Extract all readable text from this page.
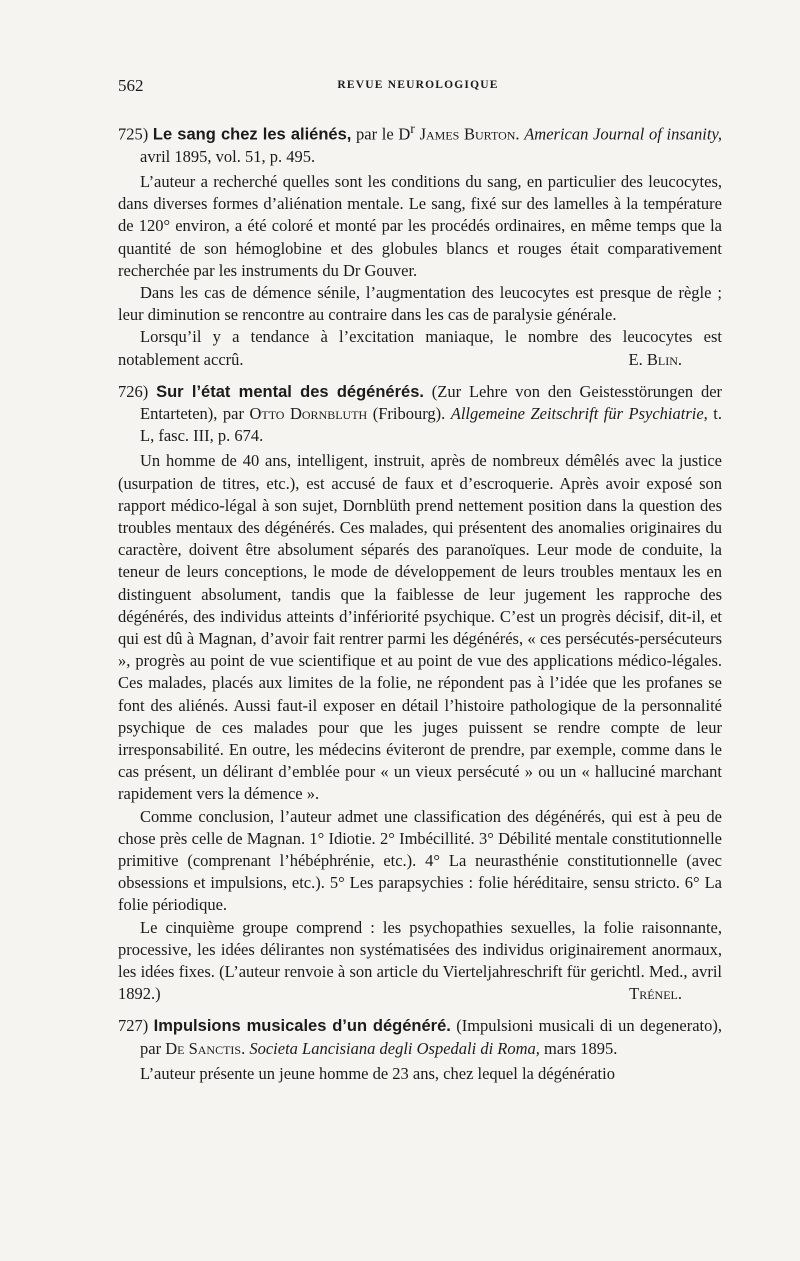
562	REVUE NEUROLOGIQUE

725) Le sang chez les aliénés, par le $D^r$ James Burton. American Journal of insanity, avril 1895, vol. 51, p. 495.

L’auteur a recherché quelles sont les conditions du sang, en particulier des leucocytes, dans diverses formes d’aliénation mentale. Le sang, fixé sur des lamelles à la température de 120° environ, a été coloré et monté par les procédés ordinaires, en même temps que la quantité de son hémoglobine et des globules blancs et rouges était comparativement recherchée par les instruments du Dr Gouver.

Dans les cas de démence sénile, l’augmentation des leucocytes est presque de règle ; leur diminution se rencontre au contraire dans les cas de paralysie générale.

Lorsqu’il y a tendance à l’excitation maniaque, le nombre des leucocytes est notablement accrû.	E. Blin.

726) Sur l’état mental des dégénérés. (Zur Lehre von den Geistesstörungen der Entarteten), par Otto Dornbluth (Fribourg). Allgemeine Zeitschrift für Psychiatrie, t. L, fasc. III, p. 674.

Un homme de 40 ans, intelligent, instruit, après de nombreux démêlés avec la justice (usurpation de titres, etc.), est accusé de faux et d’escroquerie. Après avoir exposé son rapport médico-légal à son sujet, Dornblüth prend nettement position dans la question des troubles mentaux des dégénérés. Ces malades, qui présentent des anomalies originaires du caractère, doivent être absolument séparés des paranoïques. Leur mode de conduite, la teneur de leurs conceptions, le mode de développement de leurs troubles mentaux les en distinguent absolument, tandis que la faiblesse de leur jugement les rapproche des dégénérés, des individus atteints d’infériorité psychique. C’est un progrès décisif, dit-il, et qui est dû à Magnan, d’avoir fait rentrer parmi les dégénérés, « ces persécutés-persécuteurs », progrès au point de vue scientifique et au point de vue des applications médico-légales. Ces malades, placés aux limites de la folie, ne répondent pas à l’idée que les profanes se font des aliénés. Aussi faut-il exposer en détail l’histoire pathologique de la personnalité psychique de ces malades pour que les juges puissent se rendre compte de leur irresponsabilité. En outre, les médecins éviteront de prendre, par exemple, comme dans le cas présent, un délirant d’emblée pour « un vieux persécuté » ou un « halluciné marchant rapidement vers la démence ».

Comme conclusion, l’auteur admet une classification des dégénérés, qui est à peu de chose près celle de Magnan. 1° Idiotie. 2° Imbécillité. 3° Débilité mentale constitutionnelle primitive (comprenant l’hébéphrénie, etc.). 4° La neurasthénie constitutionnelle (avec obsessions et impulsions, etc.). 5° Les parapsychies : folie héréditaire, sensu stricto. 6° La folie périodique.

Le cinquième groupe comprend : les psychopathies sexuelles, la folie raisonnante, processive, les idées délirantes non systématisées des individus originairement anormaux, les idées fixes. (L’auteur renvoie à son article du Vierteljahreschrift für gerichtl. Med., avril 1892.)	Trénel.

727) Impulsions musicales d’un dégénéré. (Impulsioni musicali di un degenerato), par De Sanctis. Societa Lancisiana degli Ospedali di Roma, mars 1895.

L’auteur présente un jeune homme de 23 ans, chez lequel la dégénératio
